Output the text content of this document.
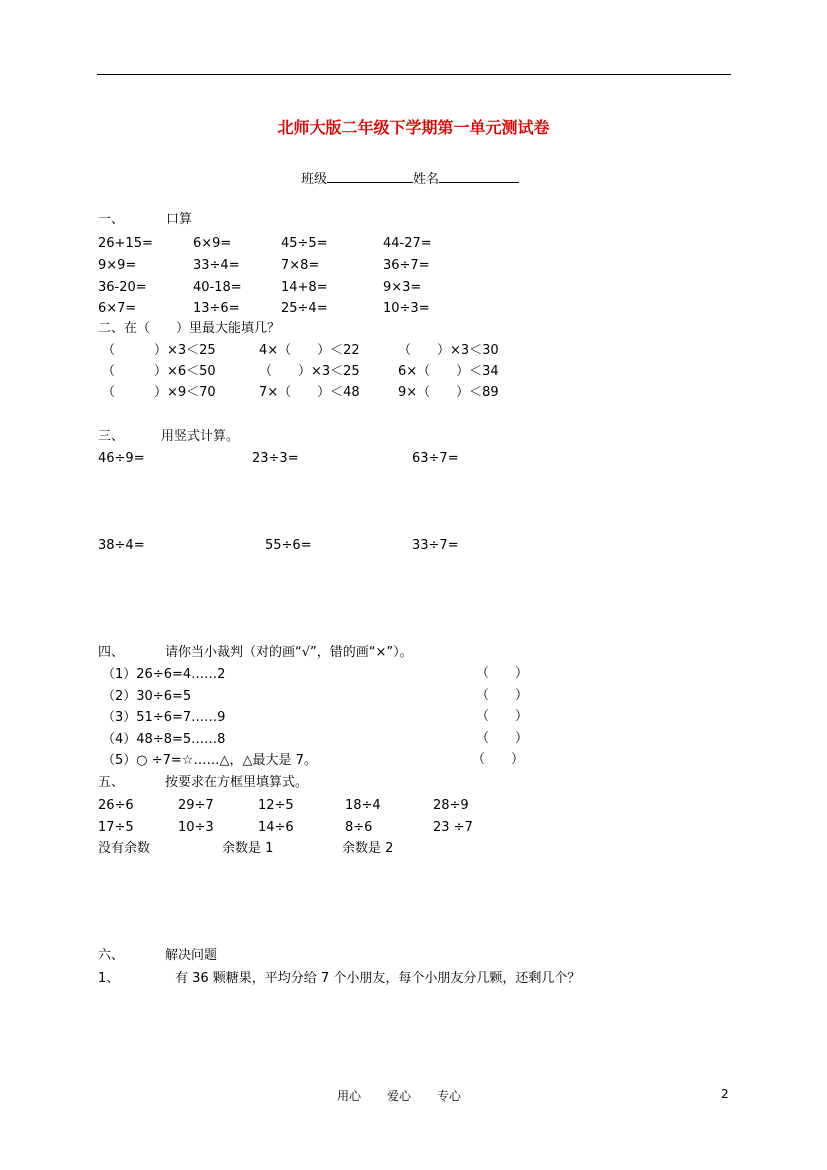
北师大版二年级下学期第一单元测试卷
班级	姓名
一、	口算
26+15=	6×9=	45÷5=	44-27=
9×9=	33÷4=	7×8=	36÷7=
36-20=	40-18=	14+8=	9×3=
6×7=	13÷6=	25÷4=	10÷3=
二、在（　　）里最大能填几？
（　　　）×3＜25	4×（　　）＜22	（　　）×3＜30
（　　　）×6＜50	（　　）×3＜25	6×（　　）＜34
（　　　）×9＜70	7×（　　）＜48	9×（　　）＜89
三、	用竖式计算。
46÷9=	23÷3=	63÷7=
38÷4=	55÷6=	33÷7=
四、	请你当小裁判（对的画“√”，错的画“×”）。
（1）26÷6=4……2	（　　）
（2）30÷6=5	（　　）
（3）51÷6=7……9	（　　）
（4）48÷8=5……8	（　　）
（5）○ ÷7=☆……△，△最大是 7。	（　　）
五、	按要求在方框里填算式。
26÷6	29÷7	12÷5	18÷4	28÷9
17÷5	10÷3	14÷6	8÷6	23 ÷7
没有余数	余数是 1	余数是 2
六、	解决问题
1、	有 36 颗糖果，平均分给 7 个小朋友，每个小朋友分几颗，还剩几个？
用心 爱心 专心	2
